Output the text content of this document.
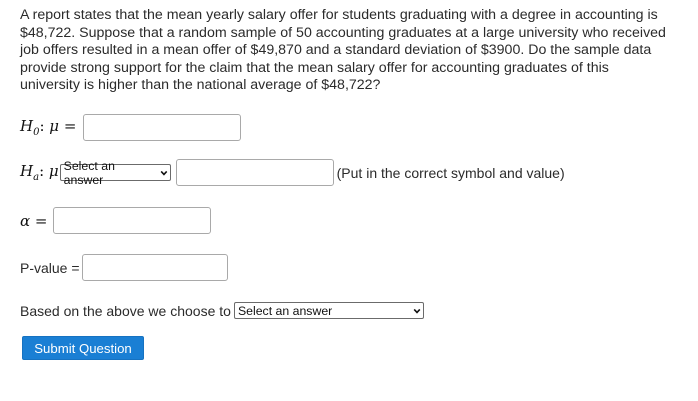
A report states that the mean yearly salary offer for students graduating with a degree in accounting is $48,722. Suppose that a random sample of 50 accounting graduates at a large university who received job offers resulted in a mean offer of $49,870 and a standard deviation of $3900. Do the sample data provide strong support for the claim that the mean salary offer for accounting graduates of this university is higher than the national average of $48,722?
$H_0$: μ =
$H_a$: μ Select an answer	(Put in the correct symbol and value)
α =
P-value =
Based on the above we choose to Select an answer
Submit Question
